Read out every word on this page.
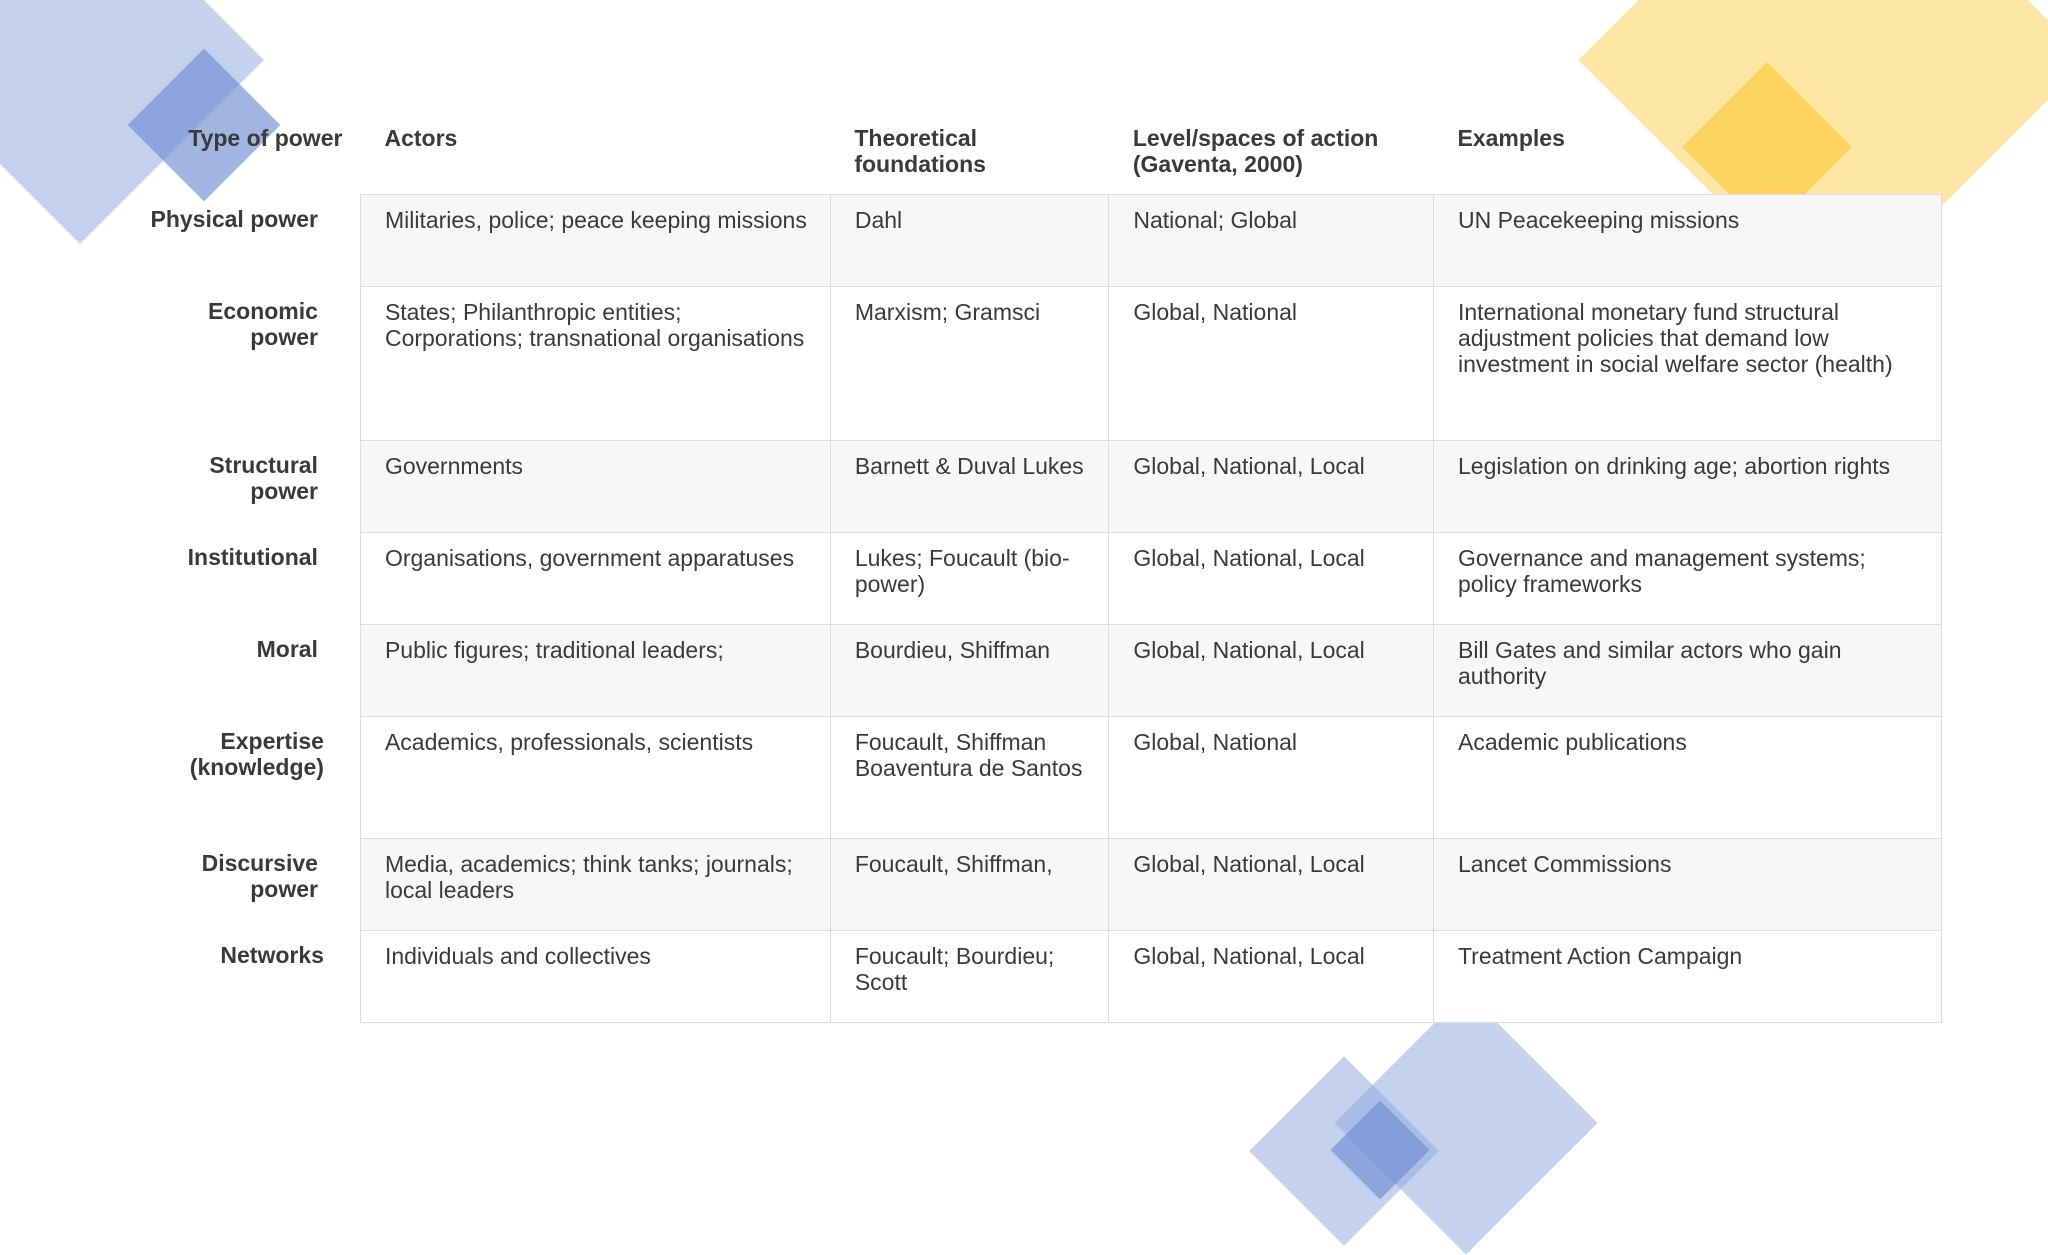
Type of power	Actors	Theoretical foundations	Level/spaces of action (Gaventa, 2000)	Examples
Physical power	Militaries, police; peace keeping missions	Dahl	National; Global	UN Peacekeeping missions
Economic power	States; Philanthropic entities; Corporations; transnational organisations	Marxism; Gramsci	Global, National	International monetary fund structural adjustment policies that demand low investment in social welfare sector (health)
Structural power	Governments	Barnett & Duval Lukes	Global, National, Local	Legislation on drinking age; abortion rights
Institutional	Organisations, government apparatuses	Lukes; Foucault (bio-power)	Global, National, Local	Governance and management systems; policy frameworks
Moral	Public figures; traditional leaders;	Bourdieu, Shiffman	Global, National, Local	Bill Gates and similar actors who gain authority
Expertise (knowledge)	Academics, professionals, scientists	Foucault, Shiffman Boaventura de Santos	Global, National	Academic publications
Discursive power	Media, academics; think tanks; journals; local leaders	Foucault, Shiffman,	Global, National, Local	Lancet Commissions
Networks	Individuals and collectives	Foucault; Bourdieu; Scott	Global, National, Local	Treatment Action Campaign
